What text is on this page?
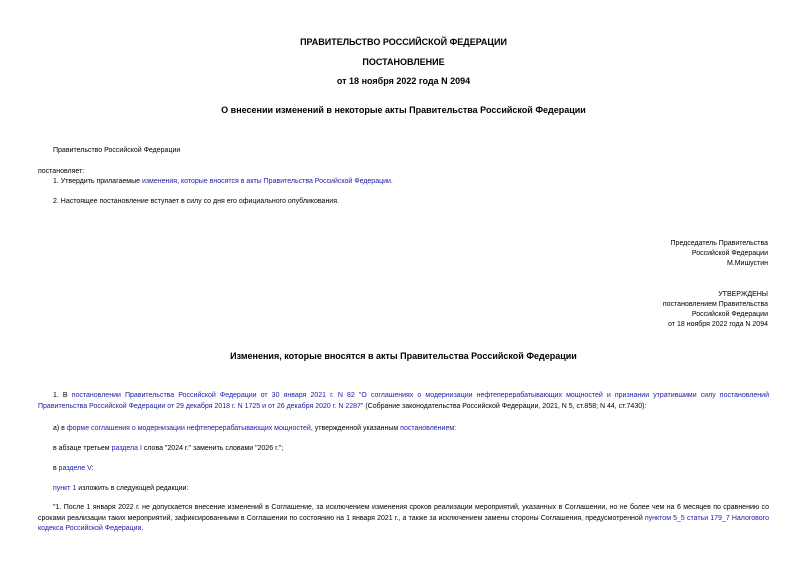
ПРАВИТЕЛЬСТВО РОССИЙСКОЙ ФЕДЕРАЦИИ
ПОСТАНОВЛЕНИЕ
от 18 ноября 2022 года N 2094
О внесении изменений в некоторые акты Правительства Российской Федерации
Правительство Российской Федерации
постановляет:
1. Утвердить прилагаемые изменения, которые вносятся в акты Правительства Российской Федерации.
2. Настоящее постановление вступает в силу со дня его официального опубликования.
Председатель Правительства
Российской Федерации
М.Мишустин
УТВЕРЖДЕНЫ
постановлением Правительства
Российской Федерации
от 18 ноября 2022 года N 2094
Изменения, которые вносятся в акты Правительства Российской Федерации
1. В постановлении Правительства Российской Федерации от 30 января 2021 г. N 82 "О соглашениях о модернизации нефтеперерабатывающих мощностей и признании утратившими силу постановлений Правительства Российской Федерации от 29 декабря 2018 г. N 1725 и от 26 декабря 2020 г. N 2287" (Собрание законодательства Российской Федерации, 2021, N 5, ст.858; N 44, ст.7430):
а) в форме соглашения о модернизации нефтеперерабатывающих мощностей, утвержденной указанным постановлением:
в абзаце третьем раздела I слова "2024 г." заменить словами "2026 г.";
в разделе V:
пункт 1 изложить в следующей редакции:
"1. После 1 января 2022 г. не допускается внесение изменений в Соглашение, за исключением изменения сроков реализации мероприятий, указанных в Соглашении, но не более чем на 6 месяцев по сравнению со сроками реализации таких мероприятий, зафиксированными в Соглашении по состоянию на 1 января 2021 г., а также за исключением замены стороны Соглашения, предусмотренной пунктом 5_5 статьи 179_7 Налогового кодекса Российской Федерации.
